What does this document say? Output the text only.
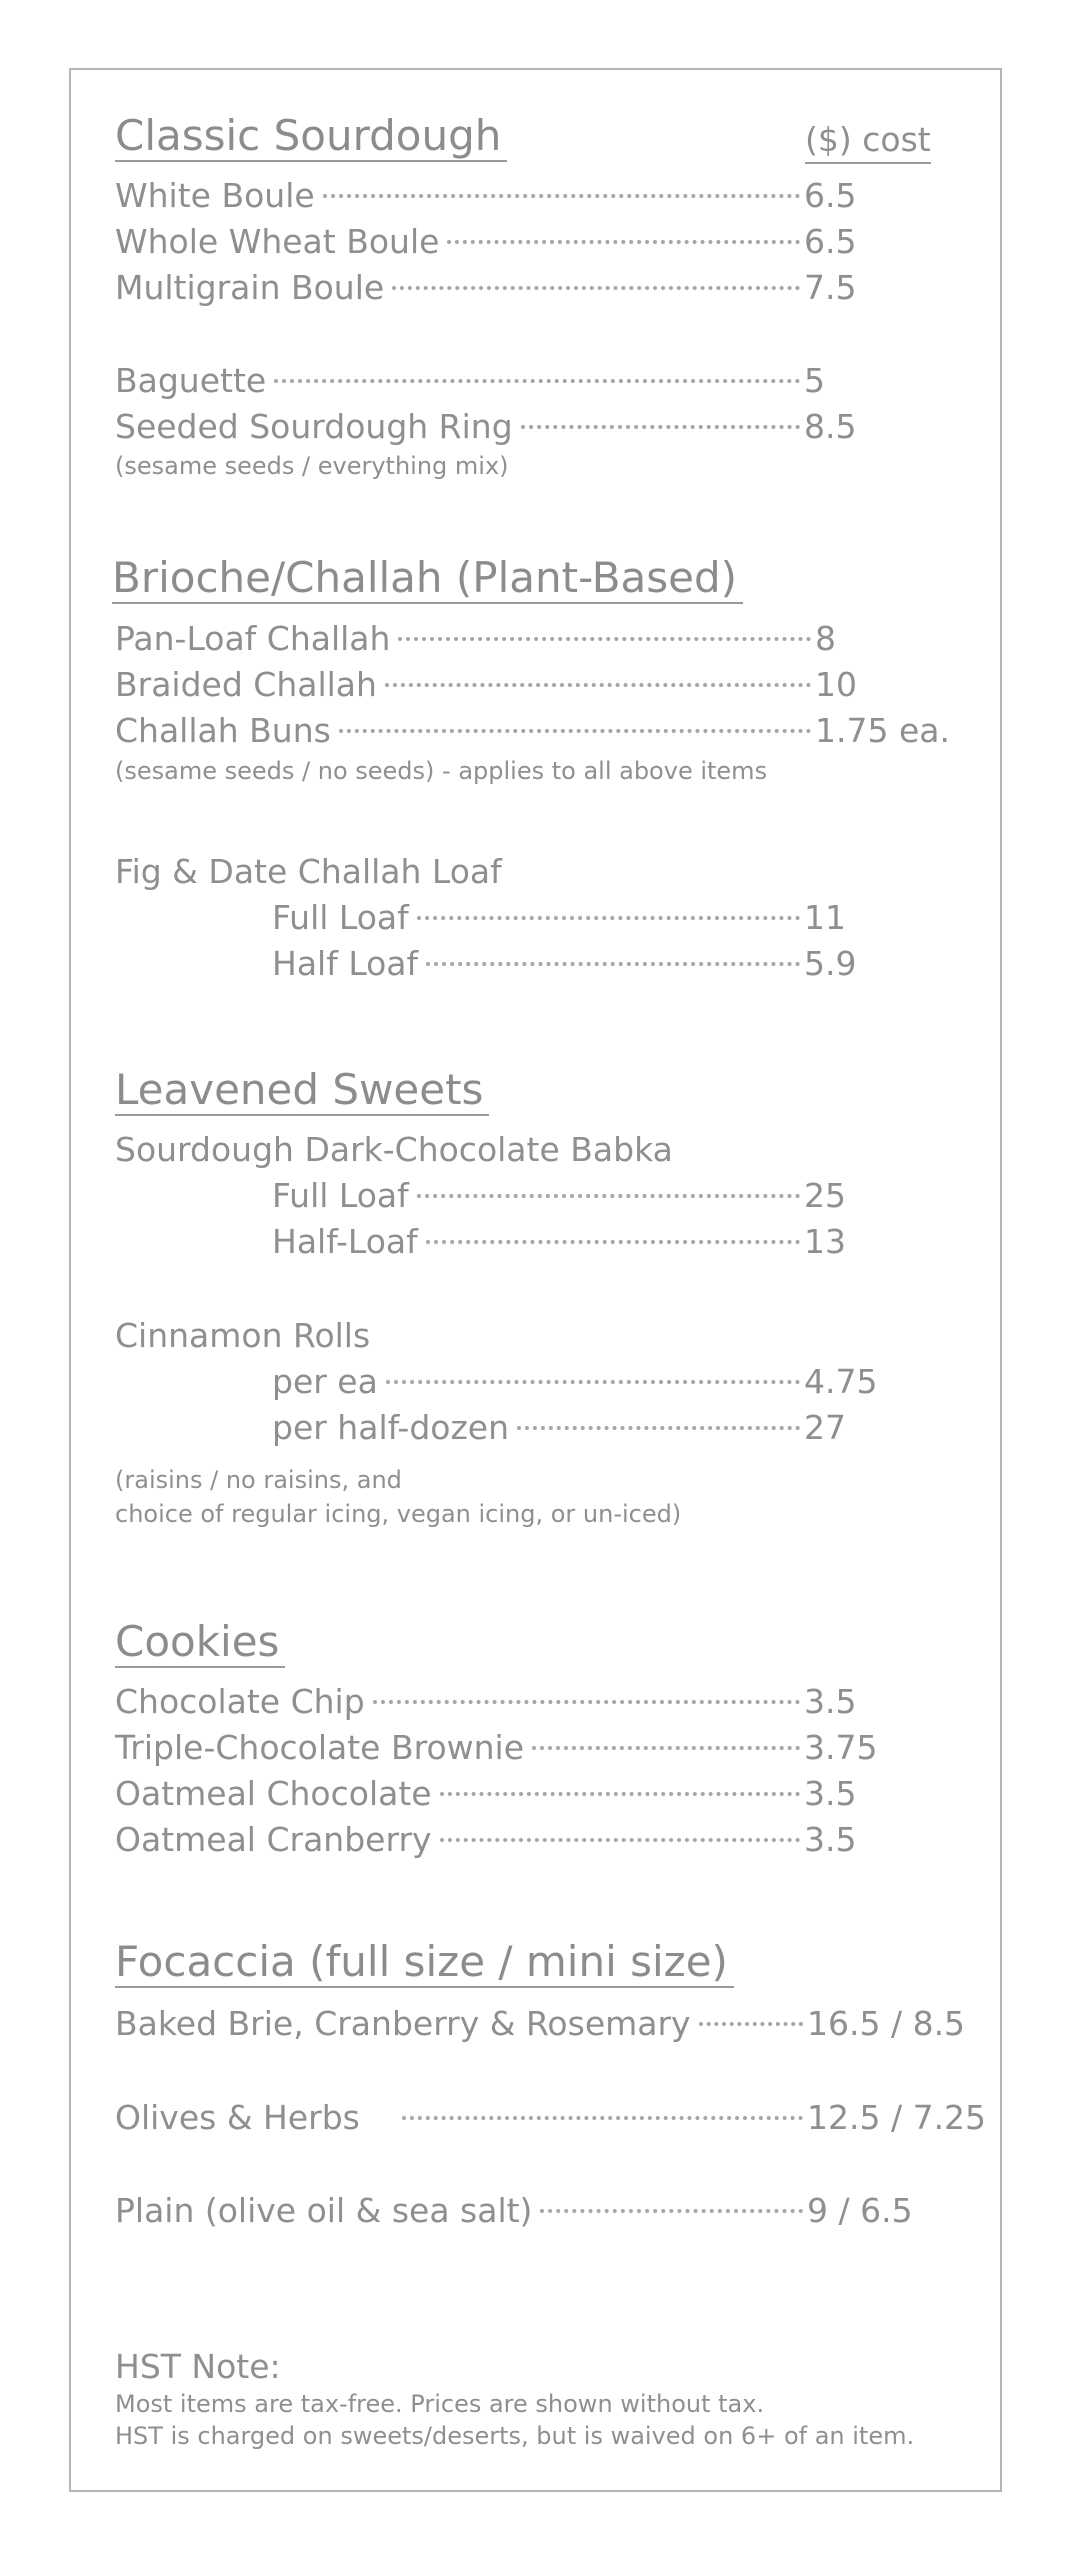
Classic Sourdough	($) cost
White Boule	6.5
Whole Wheat Boule	6.5
Multigrain Boule	7.5
Baguette	5
Seeded Sourdough Ring	8.5
(sesame seeds / everything mix)
Brioche/Challah (Plant-Based)
Pan-Loaf Challah	8
Braided Challah	10
Challah Buns	1.75 ea.
(sesame seeds / no seeds) - applies to all above items
Fig & Date Challah Loaf
Full Loaf	11
Half Loaf	5.9
Leavened Sweets
Sourdough Dark-Chocolate Babka
Full Loaf	25
Half-Loaf	13
Cinnamon Rolls
per ea	4.75
per half-dozen	27
(raisins / no raisins, and
choice of regular icing, vegan icing, or un-iced)
Cookies
Chocolate Chip	3.5
Triple-Chocolate Brownie	3.75
Oatmeal Chocolate	3.5
Oatmeal Cranberry	3.5
Focaccia (full size / mini size)
Baked Brie, Cranberry & Rosemary	16.5 / 8.5
Olives & Herbs	12.5 / 7.25
Plain (olive oil & sea salt)	9 / 6.5
HST Note:
Most items are tax-free. Prices are shown without tax.
HST is charged on sweets/deserts, but is waived on 6+ of an item.
